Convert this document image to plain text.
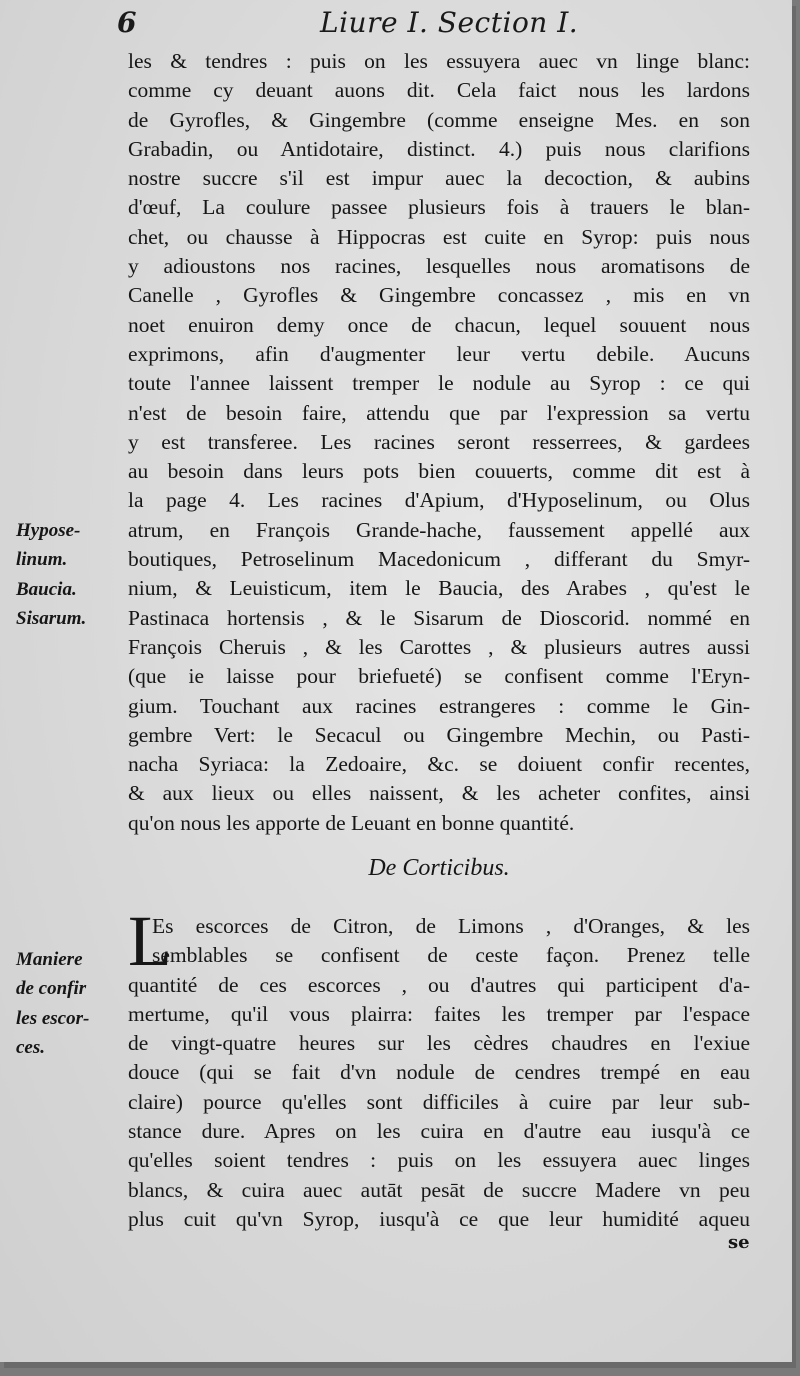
6	Liure I. Section I.
les & tendres : puis on les essuyera auec vn linge blanc:
comme cy deuant auons dit. Cela faict nous les lardons
de Gyrofles, & Gingembre (comme enseigne Mes. en son
Grabadin, ou Antidotaire, distinct. 4.) puis nous clarifions
nostre succre s'il est impur auec la decoction, & aubins
d'œuf, La coulure passee plusieurs fois à trauers le blan-
chet, ou chausse à Hippocras est cuite en Syrop: puis nous
y adioustons nos racines, lesquelles nous aromatisons de
Canelle , Gyrofles & Gingembre concassez , mis en vn
noet enuiron demy once de chacun, lequel souuent nous
exprimons, afin d'augmenter leur vertu debile. Aucuns
toute l'annee laissent tremper le nodule au Syrop : ce qui
n'est de besoin faire, attendu que par l'expression sa vertu
y est transferee. Les racines seront resserrees, & gardees
au besoin dans leurs pots bien couuerts, comme dit est à
la page 4. Les racines d'Apium, d'Hyposelinum, ou Olus
atrum, en François Grande-hache, faussement appellé aux
boutiques, Petroselinum Macedonicum , differant du Smyr-
nium, & Leuisticum, item le Baucia, des Arabes , qu'est le
Pastinaca hortensis , & le Sisarum de Dioscorid. nommé en
François Cheruis , & les Carottes , & plusieurs autres aussi
(que ie laisse pour briefueté) se confisent comme l'Eryn-
gium. Touchant aux racines estrangeres : comme le Gin-
gembre Vert: le Secacul ou Gingembre Mechin, ou Pasti-
nacha Syriaca: la Zedoaire, &c. se doiuent confir recentes,
& aux lieux ou elles naissent, & les acheter confites, ainsi
qu'on nous les apporte de Leuant en bonne quantité.
Hypose-
linum.
Baucia.
Sisarum.
De Corticibus.
L
Es escorces de Citron, de Limons , d'Oranges, & les
semblables se confisent de ceste façon. Prenez telle
quantité de ces escorces , ou d'autres qui participent d'a-
mertume, qu'il vous plairra: faites les tremper par l'espace
de vingt-quatre heures sur les cèdres chaudres en l'exiue
douce (qui se fait d'vn nodule de cendres trempé en eau
claire) pource qu'elles sont difficiles à cuire par leur sub-
stance dure. Apres on les cuira en d'autre eau iusqu'à ce
qu'elles soient tendres : puis on les essuyera auec linges
blancs, & cuira auec autāt pesāt de succre Madere vn peu
plus cuit qu'vn Syrop, iusqu'à ce que leur humidité aqueu
Maniere
de confir
les escor-
ces.
se
